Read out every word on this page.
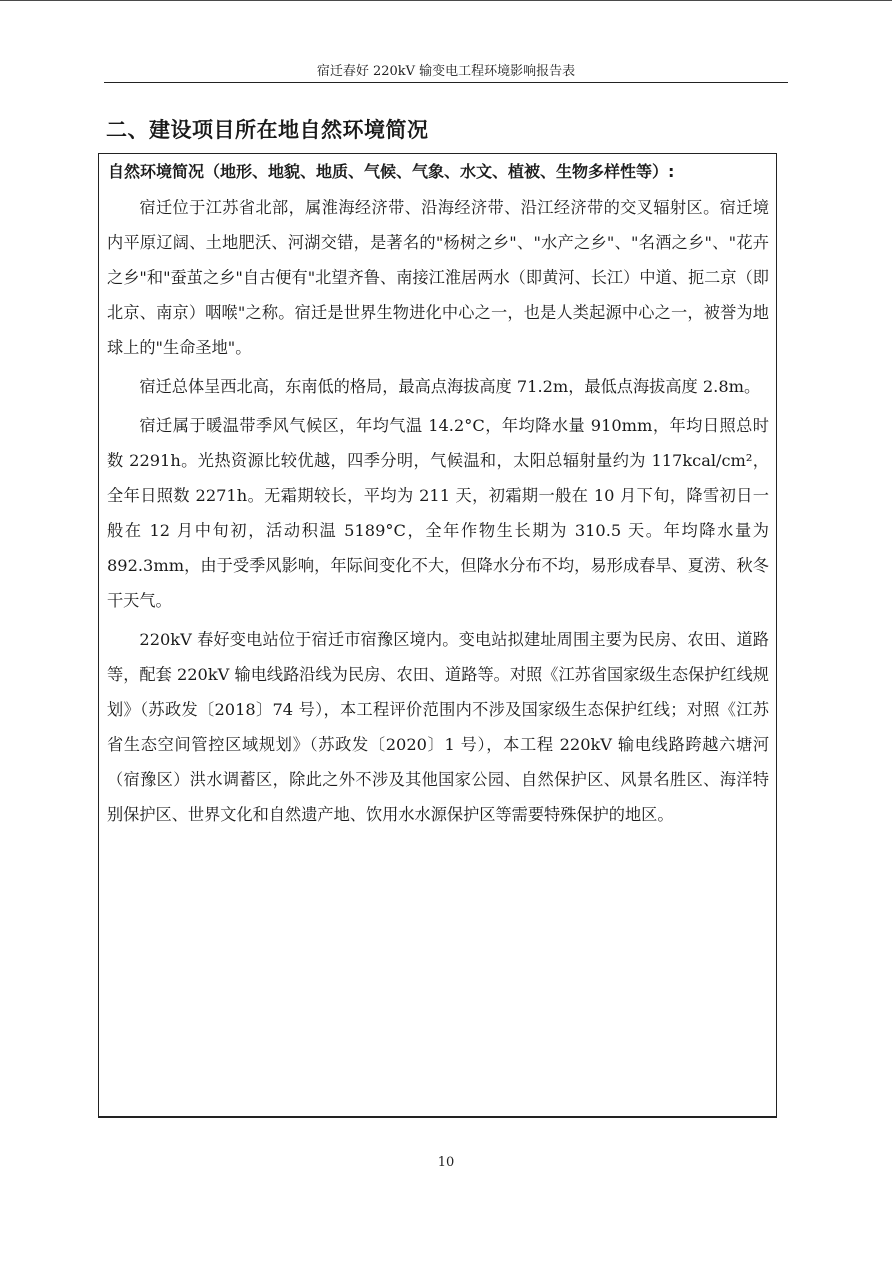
宿迁春好 220kV 输变电工程环境影响报告表
二、建设项目所在地自然环境简况
自然环境简况（地形、地貌、地质、气候、气象、水文、植被、生物多样性等）:

宿迁位于江苏省北部，属淮海经济带、沿海经济带、沿江经济带的交叉辐射区。宿迁境内平原辽阔、土地肥沃、河湖交错，是著名的"杨树之乡"、"水产之乡"、"名酒之乡"、"花卉之乡"和"蚕茧之乡"自古便有"北望齐鲁、南接江淮居两水（即黄河、长江）中道、扼二京（即北京、南京）咽喉"之称。宿迁是世界生物进化中心之一，也是人类起源中心之一，被誉为地球上的"生命圣地"。

宿迁总体呈西北高，东南低的格局，最高点海拔高度 71.2m，最低点海拔高度 2.8m。

宿迁属于暖温带季风气候区，年均气温 14.2°C，年均降水量 910mm，年均日照总时数 2291h。光热资源比较优越，四季分明，气候温和，太阳总辐射量约为 117kcal/cm²，全年日照数 2271h。无霜期较长，平均为 211 天，初霜期一般在 10 月下旬，降雪初日一般在 12 月中旬初，活动积温 5189°C，全年作物生长期为 310.5 天。年均降水量为 892.3mm，由于受季风影响，年际间变化不大，但降水分布不均，易形成春旱、夏涝、秋冬干天气。

220kV 春好变电站位于宿迁市宿豫区境内。变电站拟建址周围主要为民房、农田、道路等，配套 220kV 输电线路沿线为民房、农田、道路等。对照《江苏省国家级生态保护红线规划》（苏政发〔2018〕74 号），本工程评价范围内不涉及国家级生态保护红线；对照《江苏省生态空间管控区域规划》（苏政发〔2020〕1 号），本工程 220kV 输电线路跨越六塘河（宿豫区）洪水调蓄区，除此之外不涉及其他国家公园、自然保护区、风景名胜区、海洋特别保护区、世界文化和自然遗产地、饮用水水源保护区等需要特殊保护的地区。

10
